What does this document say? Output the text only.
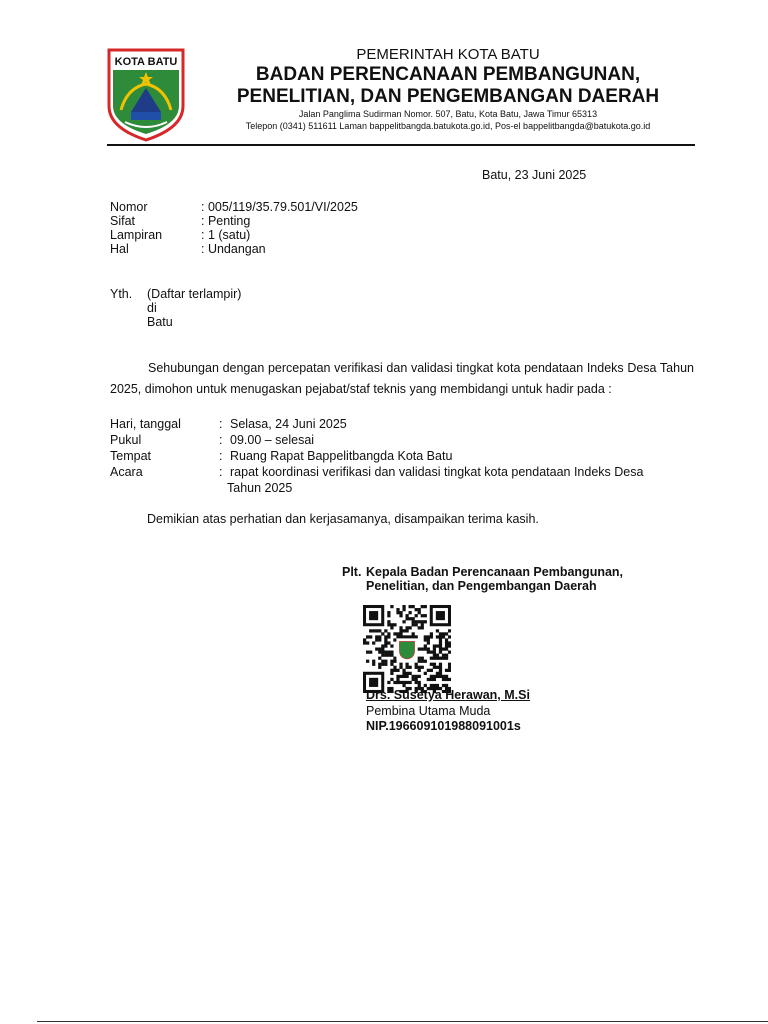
KOTA BATU	PEMERINTAH KOTA BATU
BADAN PERENCANAAN PEMBANGUNAN,
PENELITIAN, DAN PENGEMBANGAN DAERAH
Jalan Panglima Sudirman Nomor. 507, Batu, Kota Batu, Jawa Timur 65313
Telepon (0341) 511611 Laman bappelitbangda.batukota.go.id, Pos-el bappelitbangda@batukota.go.id
Batu, 23 Juni 2025
Nomor	: 005/119/35.79.501/VI/2025
Sifat	: Penting
Lampiran	: 1 (satu)
Hal	: Undangan
Yth. (Daftar terlampir)
di
Batu
Sehubungan dengan percepatan verifikasi dan validasi tingkat kota pendataan Indeks Desa Tahun 2025, dimohon untuk menugaskan pejabat/staf teknis yang membidangi untuk hadir pada :
Hari, tanggal	: Selasa, 24 Juni 2025
Pukul	: 09.00 – selesai
Tempat	: Ruang Rapat Bappelitbangda Kota Batu
Acara	: rapat koordinasi verifikasi dan validasi tingkat kota pendataan Indeks Desa
Tahun 2025
Demikian atas perhatian dan kerjasamanya, disampaikan terima kasih.
Plt. Kepala Badan Perencanaan Pembangunan,
Penelitian, dan Pengembangan Daerah
Drs. Susetya Herawan, M.Si
Pembina Utama Muda
NIP.196609101988091001s
